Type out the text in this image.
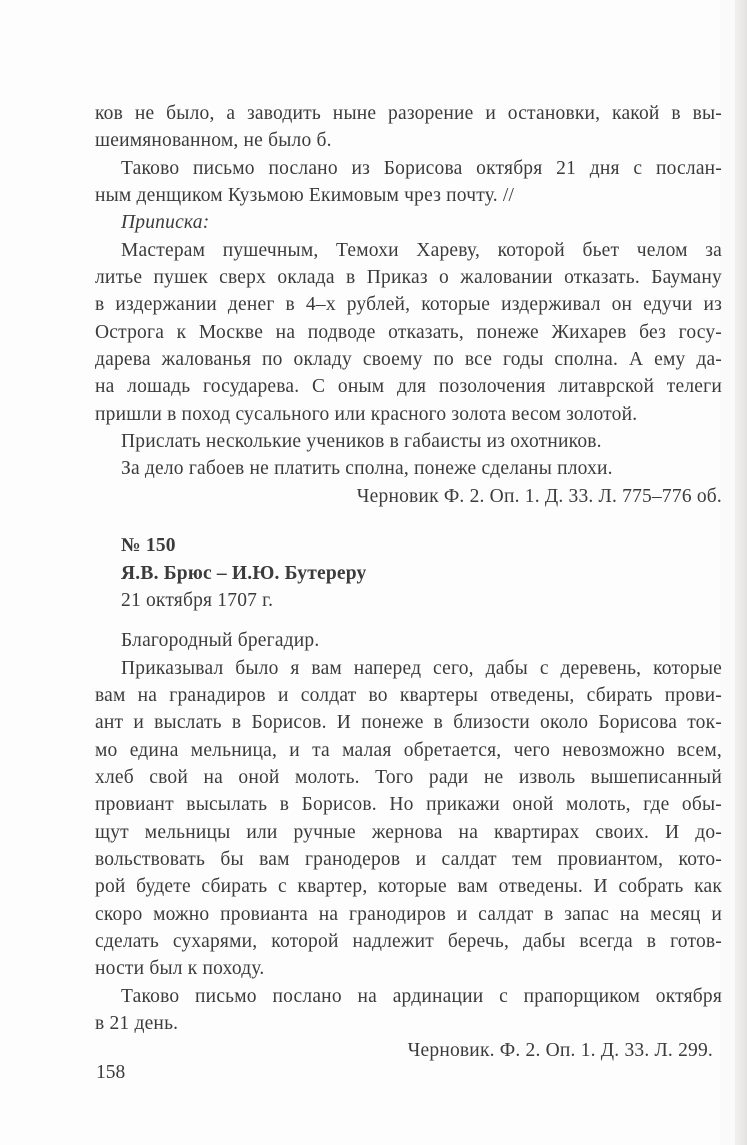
ков не было, а заводить ныне разорение и остановки, какой в вы-
шеимянованном, не было б.
Таково письмо послано из Борисова октября 21 дня с послан-
ным денщиком Кузьмою Екимовым чрез почту. //
Приписка:
Мастерам пушечным, Темохи Хареву, которой бьет челом за
литье пушек сверх оклада в Приказ о жаловании отказать. Бауману
в издержании денег в 4–х рублей, которые издерживал он едучи из
Острога к Москве на подводе отказать, понеже Жихарев без госу-
дарева жалованья по окладу своему по все годы сполна. А ему да-
на лошадь государева. С оным для позолочения литаврской телеги
пришли в поход сусального или красного золота весом золотой.
Прислать несколькие учеников в габаисты из охотников.
За дело габоев не платить сполна, понеже сделаны плохи.
Черновик Ф. 2. Оп. 1. Д. 33. Л. 775–776 об.
№ 150
Я.В. Брюс – И.Ю. Бутереру
21 октября 1707 г.
Благородный брегадир.
Приказывал было я вам наперед сего, дабы с деревень, которые
вам на гранадиров и солдат во квартеры отведены, сбирать прови-
ант и выслать в Борисов. И понеже в близости около Борисова ток-
мо едина мельница, и та малая обретается, чего невозможно всем,
хлеб свой на оной молоть. Того ради не изволь вышеписанный
провиант высылать в Борисов. Но прикажи оной молоть, где обы-
щут мельницы или ручные жернова на квартирах своих. И до-
вольствовать бы вам гранодеров и салдат тем провиантом, кото-
рой будете сбирать с квартер, которые вам отведены. И собрать как
скоро можно провианта на гранодиров и салдат в запас на месяц и
сделать сухарями, которой надлежит беречь, дабы всегда в готов-
ности был к походу.
Таково письмо послано на ардинации с прапорщиком октября
в 21 день.
Черновик. Ф. 2. Оп. 1. Д. 33. Л. 299.
158
